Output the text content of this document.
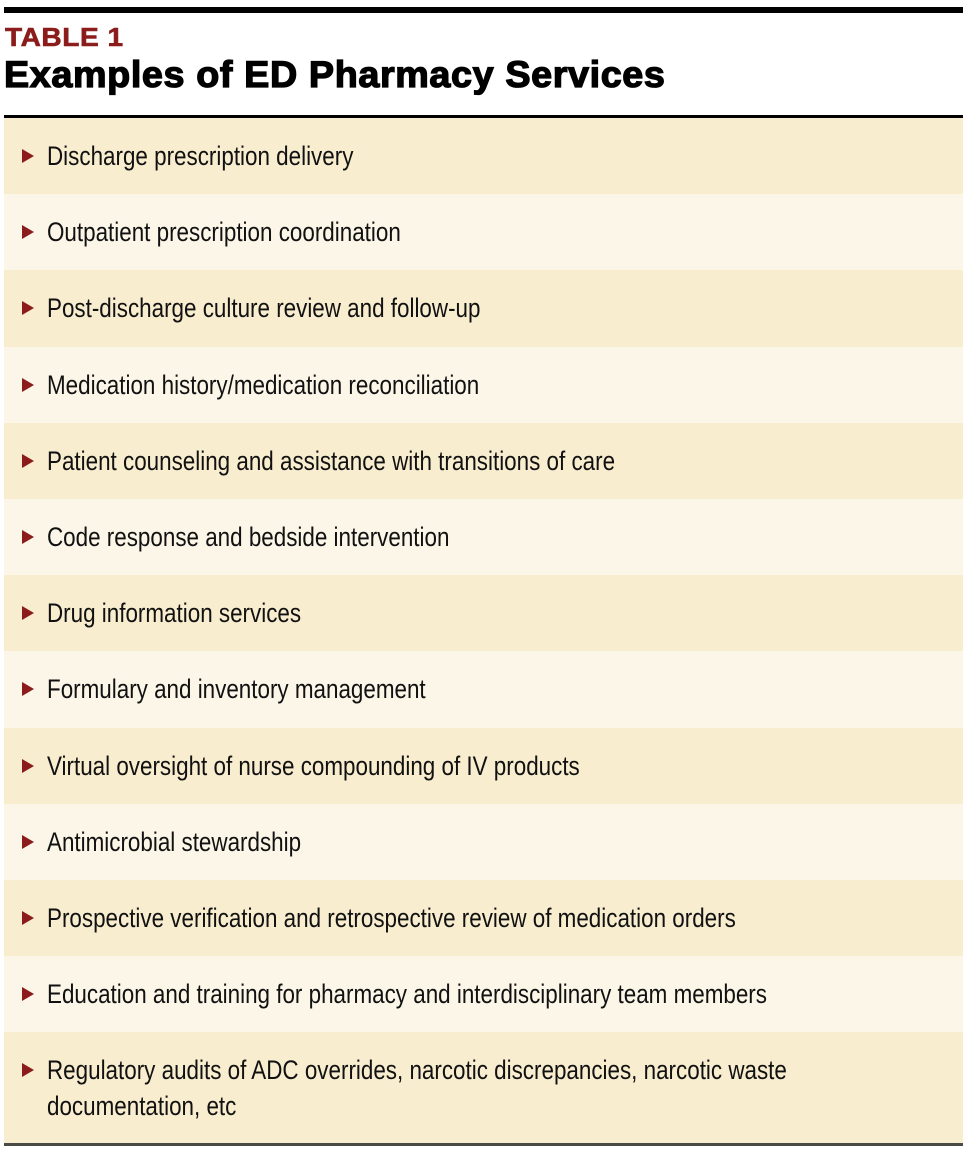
TABLE 1
Examples of ED Pharmacy Services
Discharge prescription delivery
Outpatient prescription coordination
Post-discharge culture review and follow-up
Medication history/medication reconciliation
Patient counseling and assistance with transitions of care
Code response and bedside intervention
Drug information services
Formulary and inventory management
Virtual oversight of nurse compounding of IV products
Antimicrobial stewardship
Prospective verification and retrospective review of medication orders
Education and training for pharmacy and interdisciplinary team members
Regulatory audits of ADC overrides, narcotic discrepancies, narcotic waste documentation, etc
